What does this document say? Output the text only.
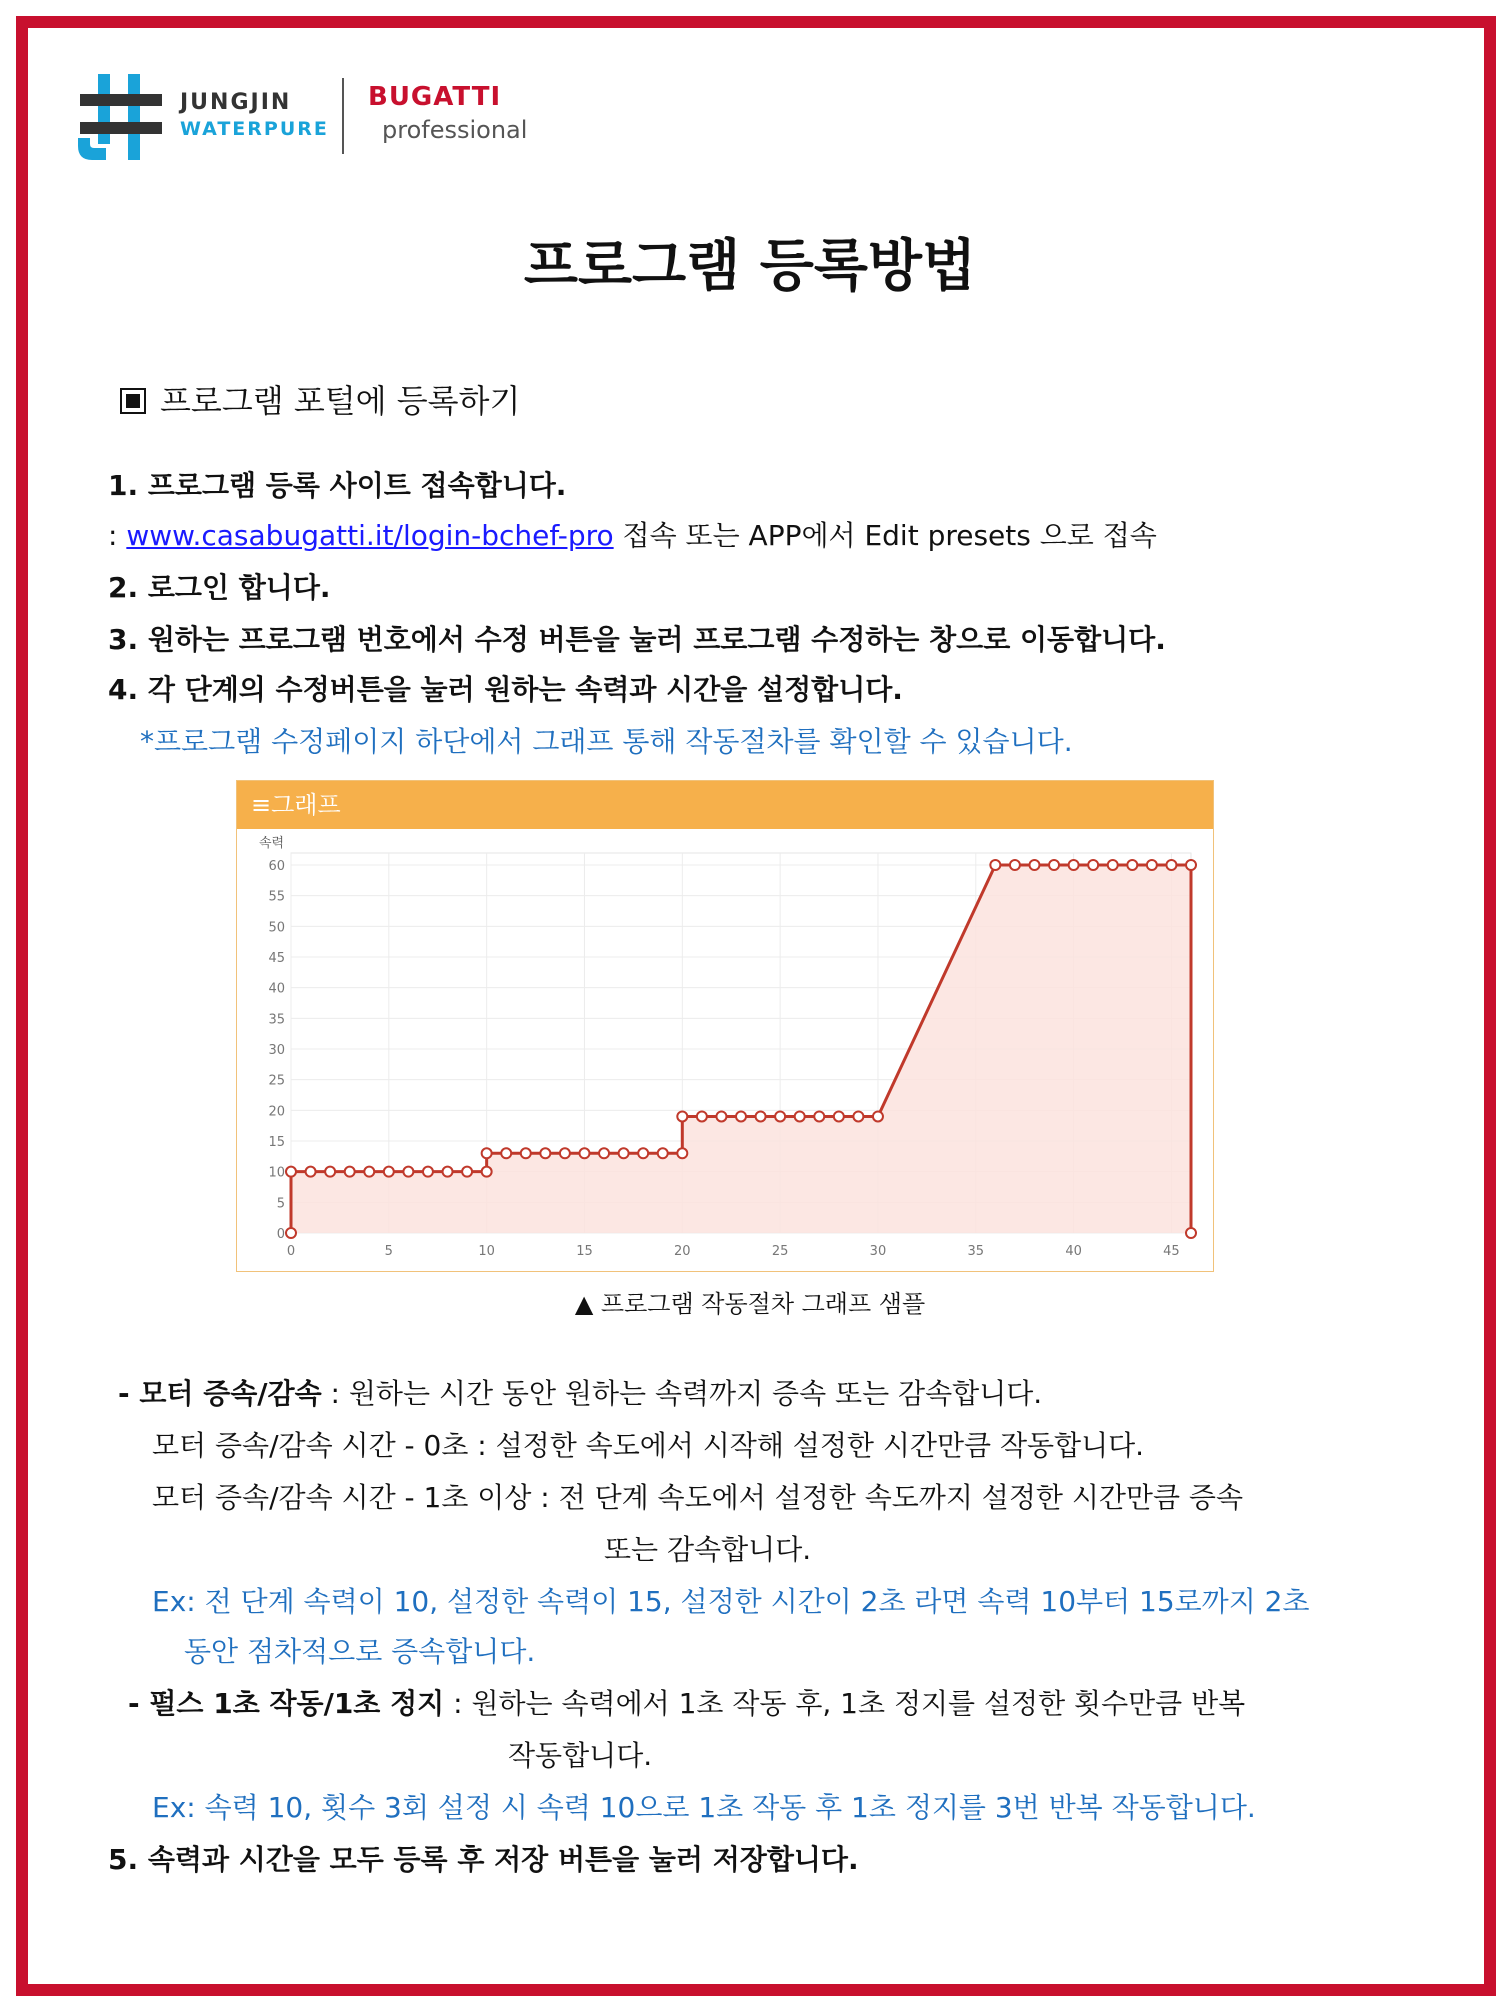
JUNGJIN
WATERPURE
BUGATTI
professional
프로그램 등록방법
프로그램 포털에 등록하기
1. 프로그램 등록 사이트 접속합니다.
: www.casabugatti.it/login-bchef-pro 접속 또는 APP에서 Edit presets 으로 접속
2. 로그인 합니다.
3. 원하는 프로그램 번호에서 수정 버튼을 눌러 프로그램 수정하는 창으로 이동합니다.
4. 각 단계의 수정버튼을 눌러 원하는 속력과 시간을 설정합니다.
*프로그램 수정페이지 하단에서 그래프 통해 작동절차를 확인할 수 있습니다.
≡그래프
0
5
10
15
20
25
30
35
40
45
50
55
60
0	5	10	15	20	25	30	35	40	45
속력
▲ 프로그램 작동절차 그래프 샘플
- 모터 증속/감속 : 원하는 시간 동안 원하는 속력까지 증속 또는 감속합니다.
모터 증속/감속 시간 - 0초 : 설정한 속도에서 시작해 설정한 시간만큼 작동합니다.
모터 증속/감속 시간 - 1초 이상 : 전 단계 속도에서 설정한 속도까지 설정한 시간만큼 증속
또는 감속합니다.
Ex: 전 단계 속력이 10, 설정한 속력이 15, 설정한 시간이 2초 라면 속력 10부터 15로까지 2초
동안 점차적으로 증속합니다.
- 펄스 1초 작동/1초 정지 : 원하는 속력에서 1초 작동 후, 1초 정지를 설정한 횟수만큼 반복
작동합니다.
Ex: 속력 10, 횟수 3회 설정 시 속력 10으로 1초 작동 후 1초 정지를 3번 반복 작동합니다.
5. 속력과 시간을 모두 등록 후 저장 버튼을 눌러 저장합니다.
